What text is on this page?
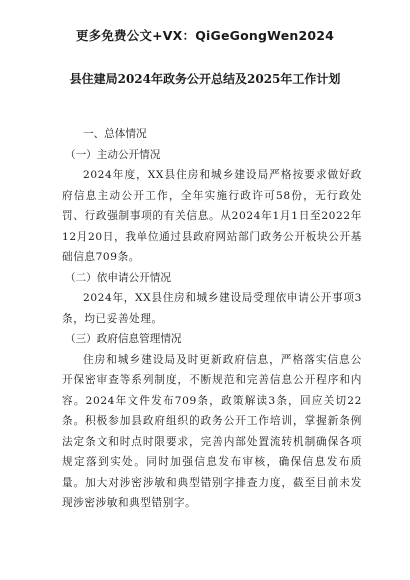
更多免费公文+VX：QiGeGongWen2024
县住建局2024年政务公开总结及2025年工作计划

一、总体情况

（一）主动公开情况

2024年度，XX县住房和城乡建设局严格按要求做好政府信息主动公开工作，全年实施行政许可58份，无行政处罚、行政强制事项的有关信息。从2024年1月1日至2022年12月20日，我单位通过县政府网站部门政务公开板块公开基础信息709条。

（二）依申请公开情况

2024年，XX县住房和城乡建设局受理依申请公开事项3条，均已妥善处理。

（三）政府信息管理情况

住房和城乡建设局及时更新政府信息，严格落实信息公开保密审查等系列制度，不断规范和完善信息公开程序和内容。2024年文件发布709条，政策解读3条，回应关切22条。积极参加县政府组织的政务公开工作培训，掌握新条例法定条文和时点时限要求，完善内部处置流转机制确保各项规定落到实处。同时加强信息发布审核，确保信息发布质量。加大对涉密涉敏和典型错别字排查力度，截至目前未发现涉密涉敏和典型错别字。
